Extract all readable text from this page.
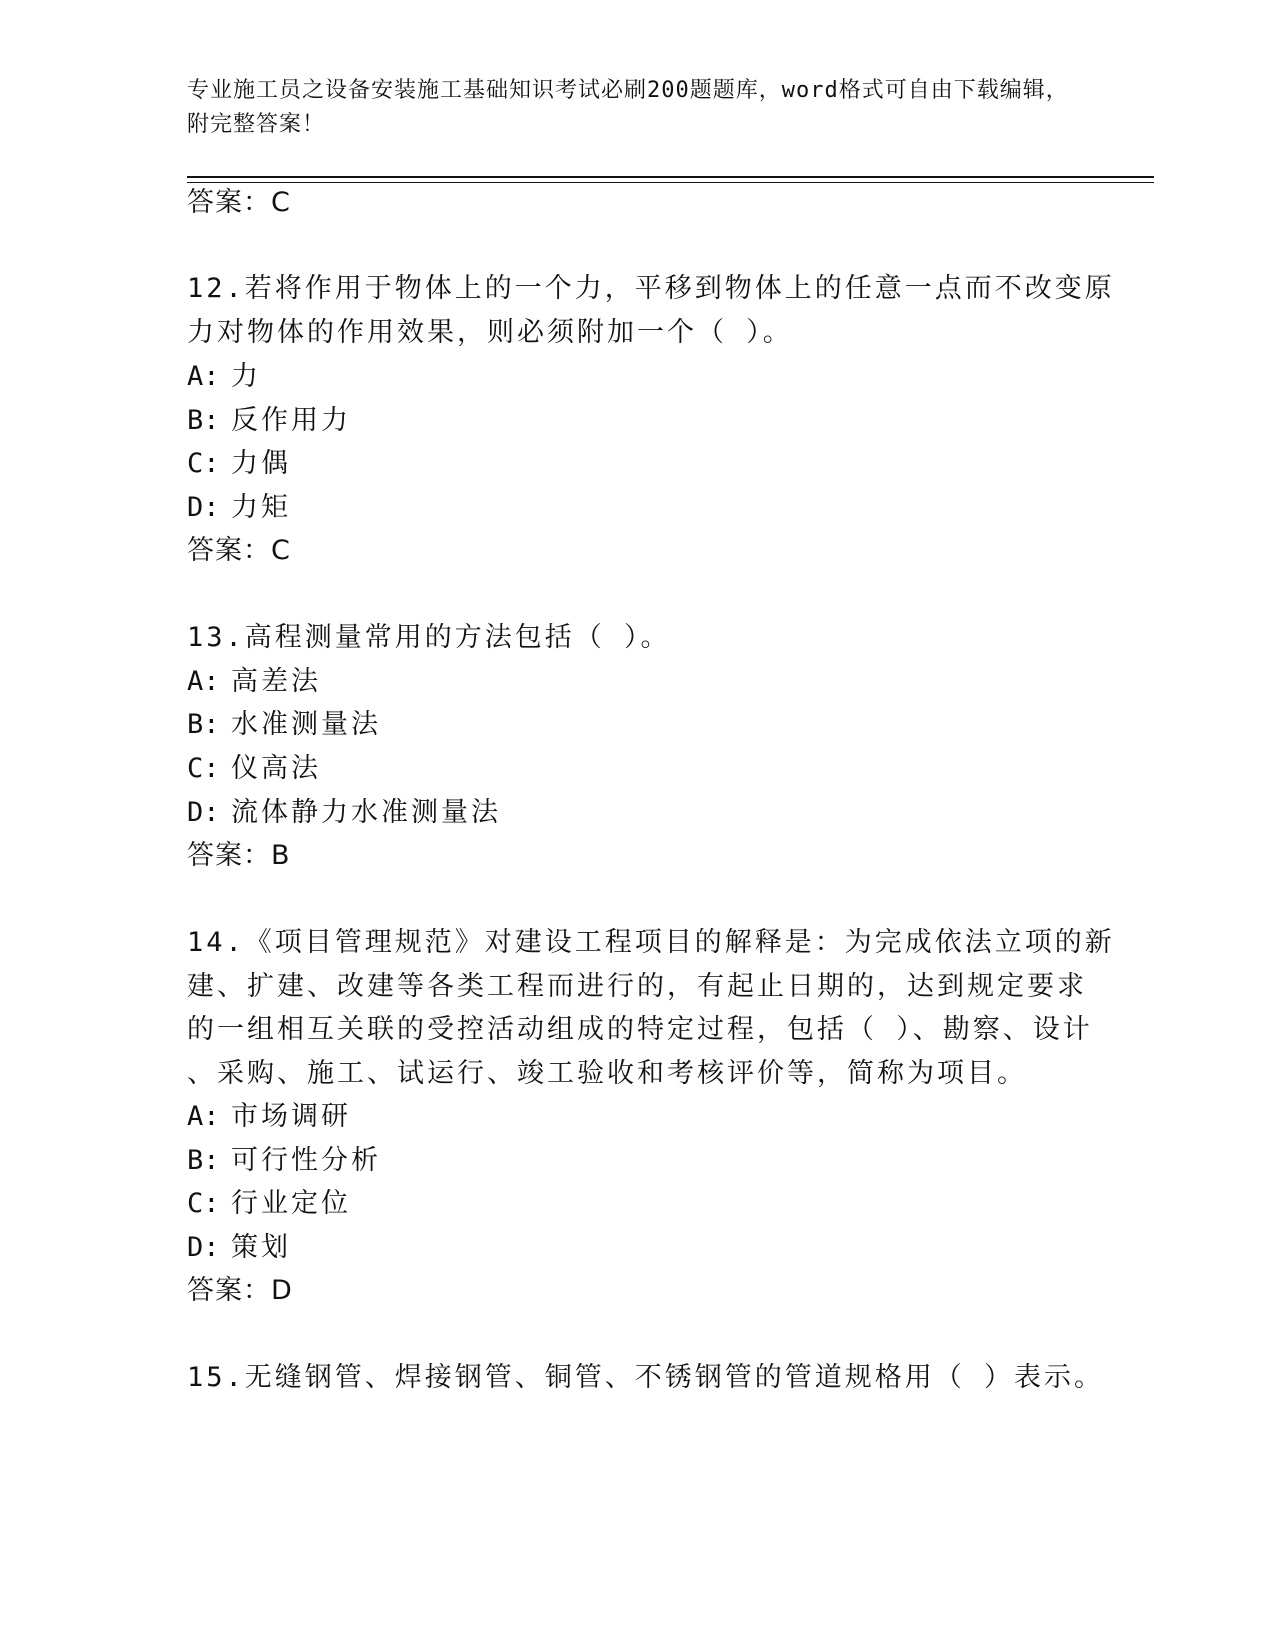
专业施工员之设备安装施工基础知识考试必刷200题题库，word格式可自由下载编辑，附完整答案！
答案：C
12.若将作用于物体上的一个力，平移到物体上的任意一点而不改变原
力对物体的作用效果，则必须附加一个（ ）。
A: 力
B: 反作用力
C: 力偶
D: 力矩
答案：C
13.高程测量常用的方法包括（ ）。
A: 高差法
B: 水准测量法
C: 仪高法
D: 流体静力水准测量法
答案：B
14.《项目管理规范》对建设工程项目的解释是：为完成依法立项的新
建、扩建、改建等各类工程而进行的，有起止日期的，达到规定要求
的一组相互关联的受控活动组成的特定过程，包括（ ）、勘察、设计
、采购、施工、试运行、竣工验收和考核评价等，简称为项目。
A: 市场调研
B: 可行性分析
C: 行业定位
D: 策划
答案：D
15.无缝钢管、焊接钢管、铜管、不锈钢管的管道规格用（ ）表示。
